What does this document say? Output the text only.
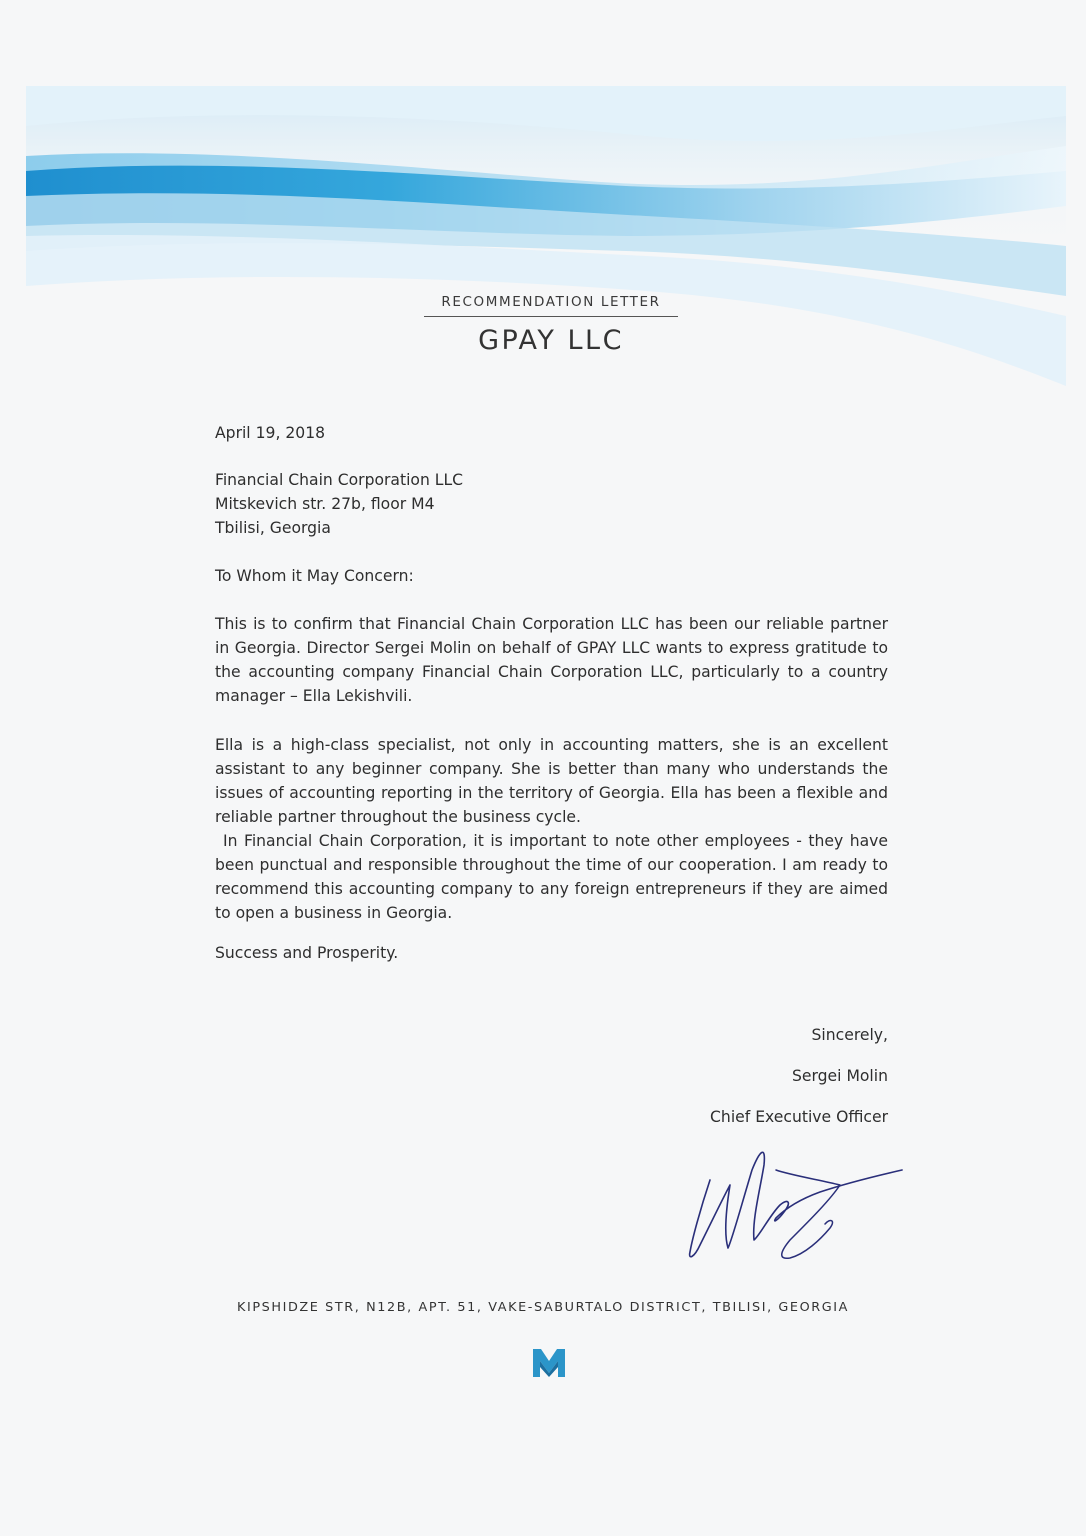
RECOMMENDATION LETTER
GPAY LLC
April 19, 2018
Financial Chain Corporation LLC
Mitskevich str. 27b, floor M4
Tbilisi, Georgia
To Whom it May Concern:
This is to confirm that Financial Chain Corporation LLC has been our reliable partner in Georgia. Director Sergei Molin on behalf of GPAY LLC wants to express gratitude to the accounting company Financial Chain Corporation LLC, particularly to a country manager – Ella Lekishvili.
Ella is a high-class specialist, not only in accounting matters, she is an excellent assistant to any beginner company. She is better than many who understands the issues of accounting reporting in the territory of Georgia. Ella has been a flexible and reliable partner throughout the business cycle.
In Financial Chain Corporation, it is important to note other employees - they have been punctual and responsible throughout the time of our cooperation. I am ready to recommend this accounting company to any foreign entrepreneurs if they are aimed to open a business in Georgia.
Success and Prosperity.
Sincerely,
Sergei Molin
Chief Executive Officer
KIPSHIDZE STR, N12B, APT. 51, VAKE-SABURTALO DISTRICT, TBILISI, GEORGIA
